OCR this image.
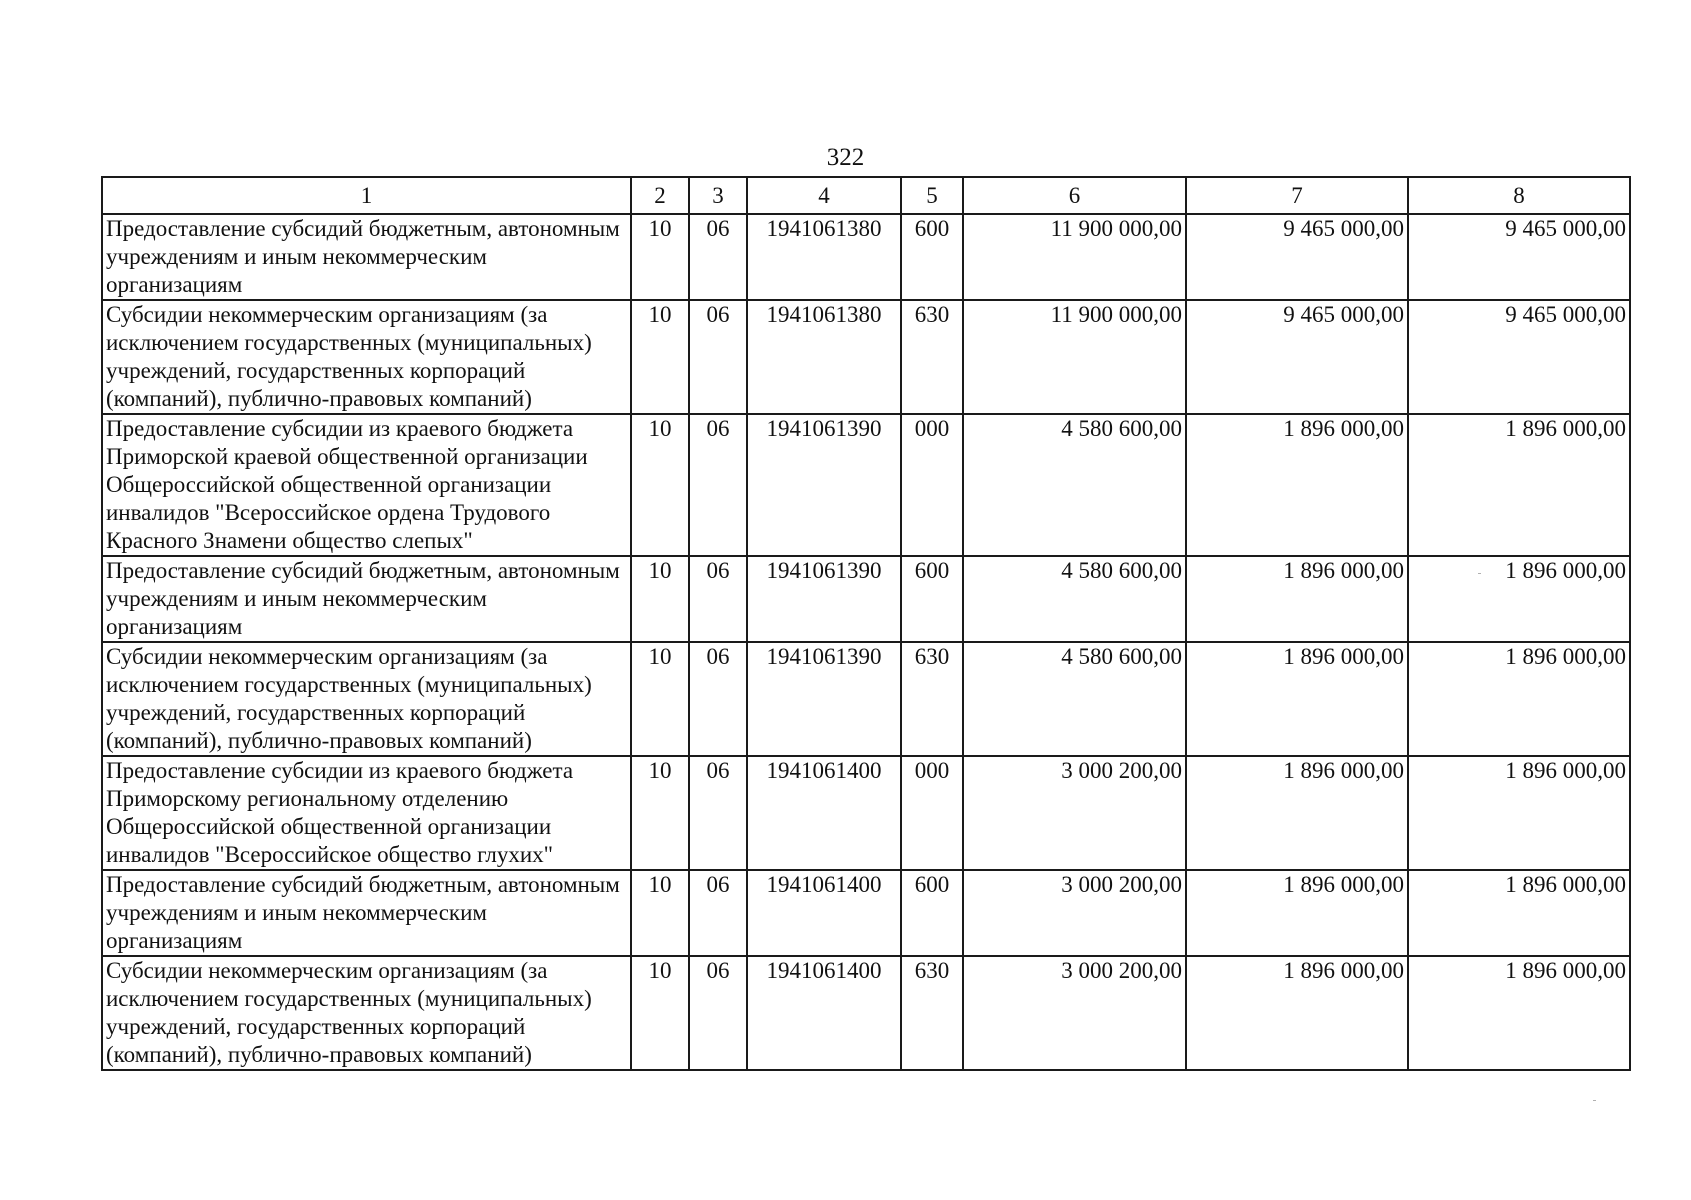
322
1	2	3	4	5	6	7	8
Предоставление субсидий бюджетным, автономным учреждениям и иным некоммерческим организациям	10	06	1941061380	600	11 900 000,00	9 465 000,00	9 465 000,00
Субсидии некоммерческим организациям (за исключением государственных (муниципальных) учреждений, государственных корпораций (компаний), публично-правовых компаний)	10	06	1941061380	630	11 900 000,00	9 465 000,00	9 465 000,00
Предоставление субсидии из краевого бюджета Приморской краевой общественной организации Общероссийской общественной организации инвалидов "Всероссийское ордена Трудового Красного Знамени общество слепых"	10	06	1941061390	000	4 580 600,00	1 896 000,00	1 896 000,00
Предоставление субсидий бюджетным, автономным учреждениям и иным некоммерческим организациям	10	06	1941061390	600	4 580 600,00	1 896 000,00	1 896 000,00
Субсидии некоммерческим организациям (за исключением государственных (муниципальных) учреждений, государственных корпораций (компаний), публично-правовых компаний)	10	06	1941061390	630	4 580 600,00	1 896 000,00	1 896 000,00
Предоставление субсидии из краевого бюджета Приморскому региональному отделению Общероссийской общественной организации инвалидов "Всероссийское общество глухих"	10	06	1941061400	000	3 000 200,00	1 896 000,00	1 896 000,00
Предоставление субсидий бюджетным, автономным учреждениям и иным некоммерческим организациям	10	06	1941061400	600	3 000 200,00	1 896 000,00	1 896 000,00
Субсидии некоммерческим организациям (за исключением государственных (муниципальных) учреждений, государственных корпораций (компаний), публично-правовых компаний)	10	06	1941061400	630	3 000 200,00	1 896 000,00	1 896 000,00
